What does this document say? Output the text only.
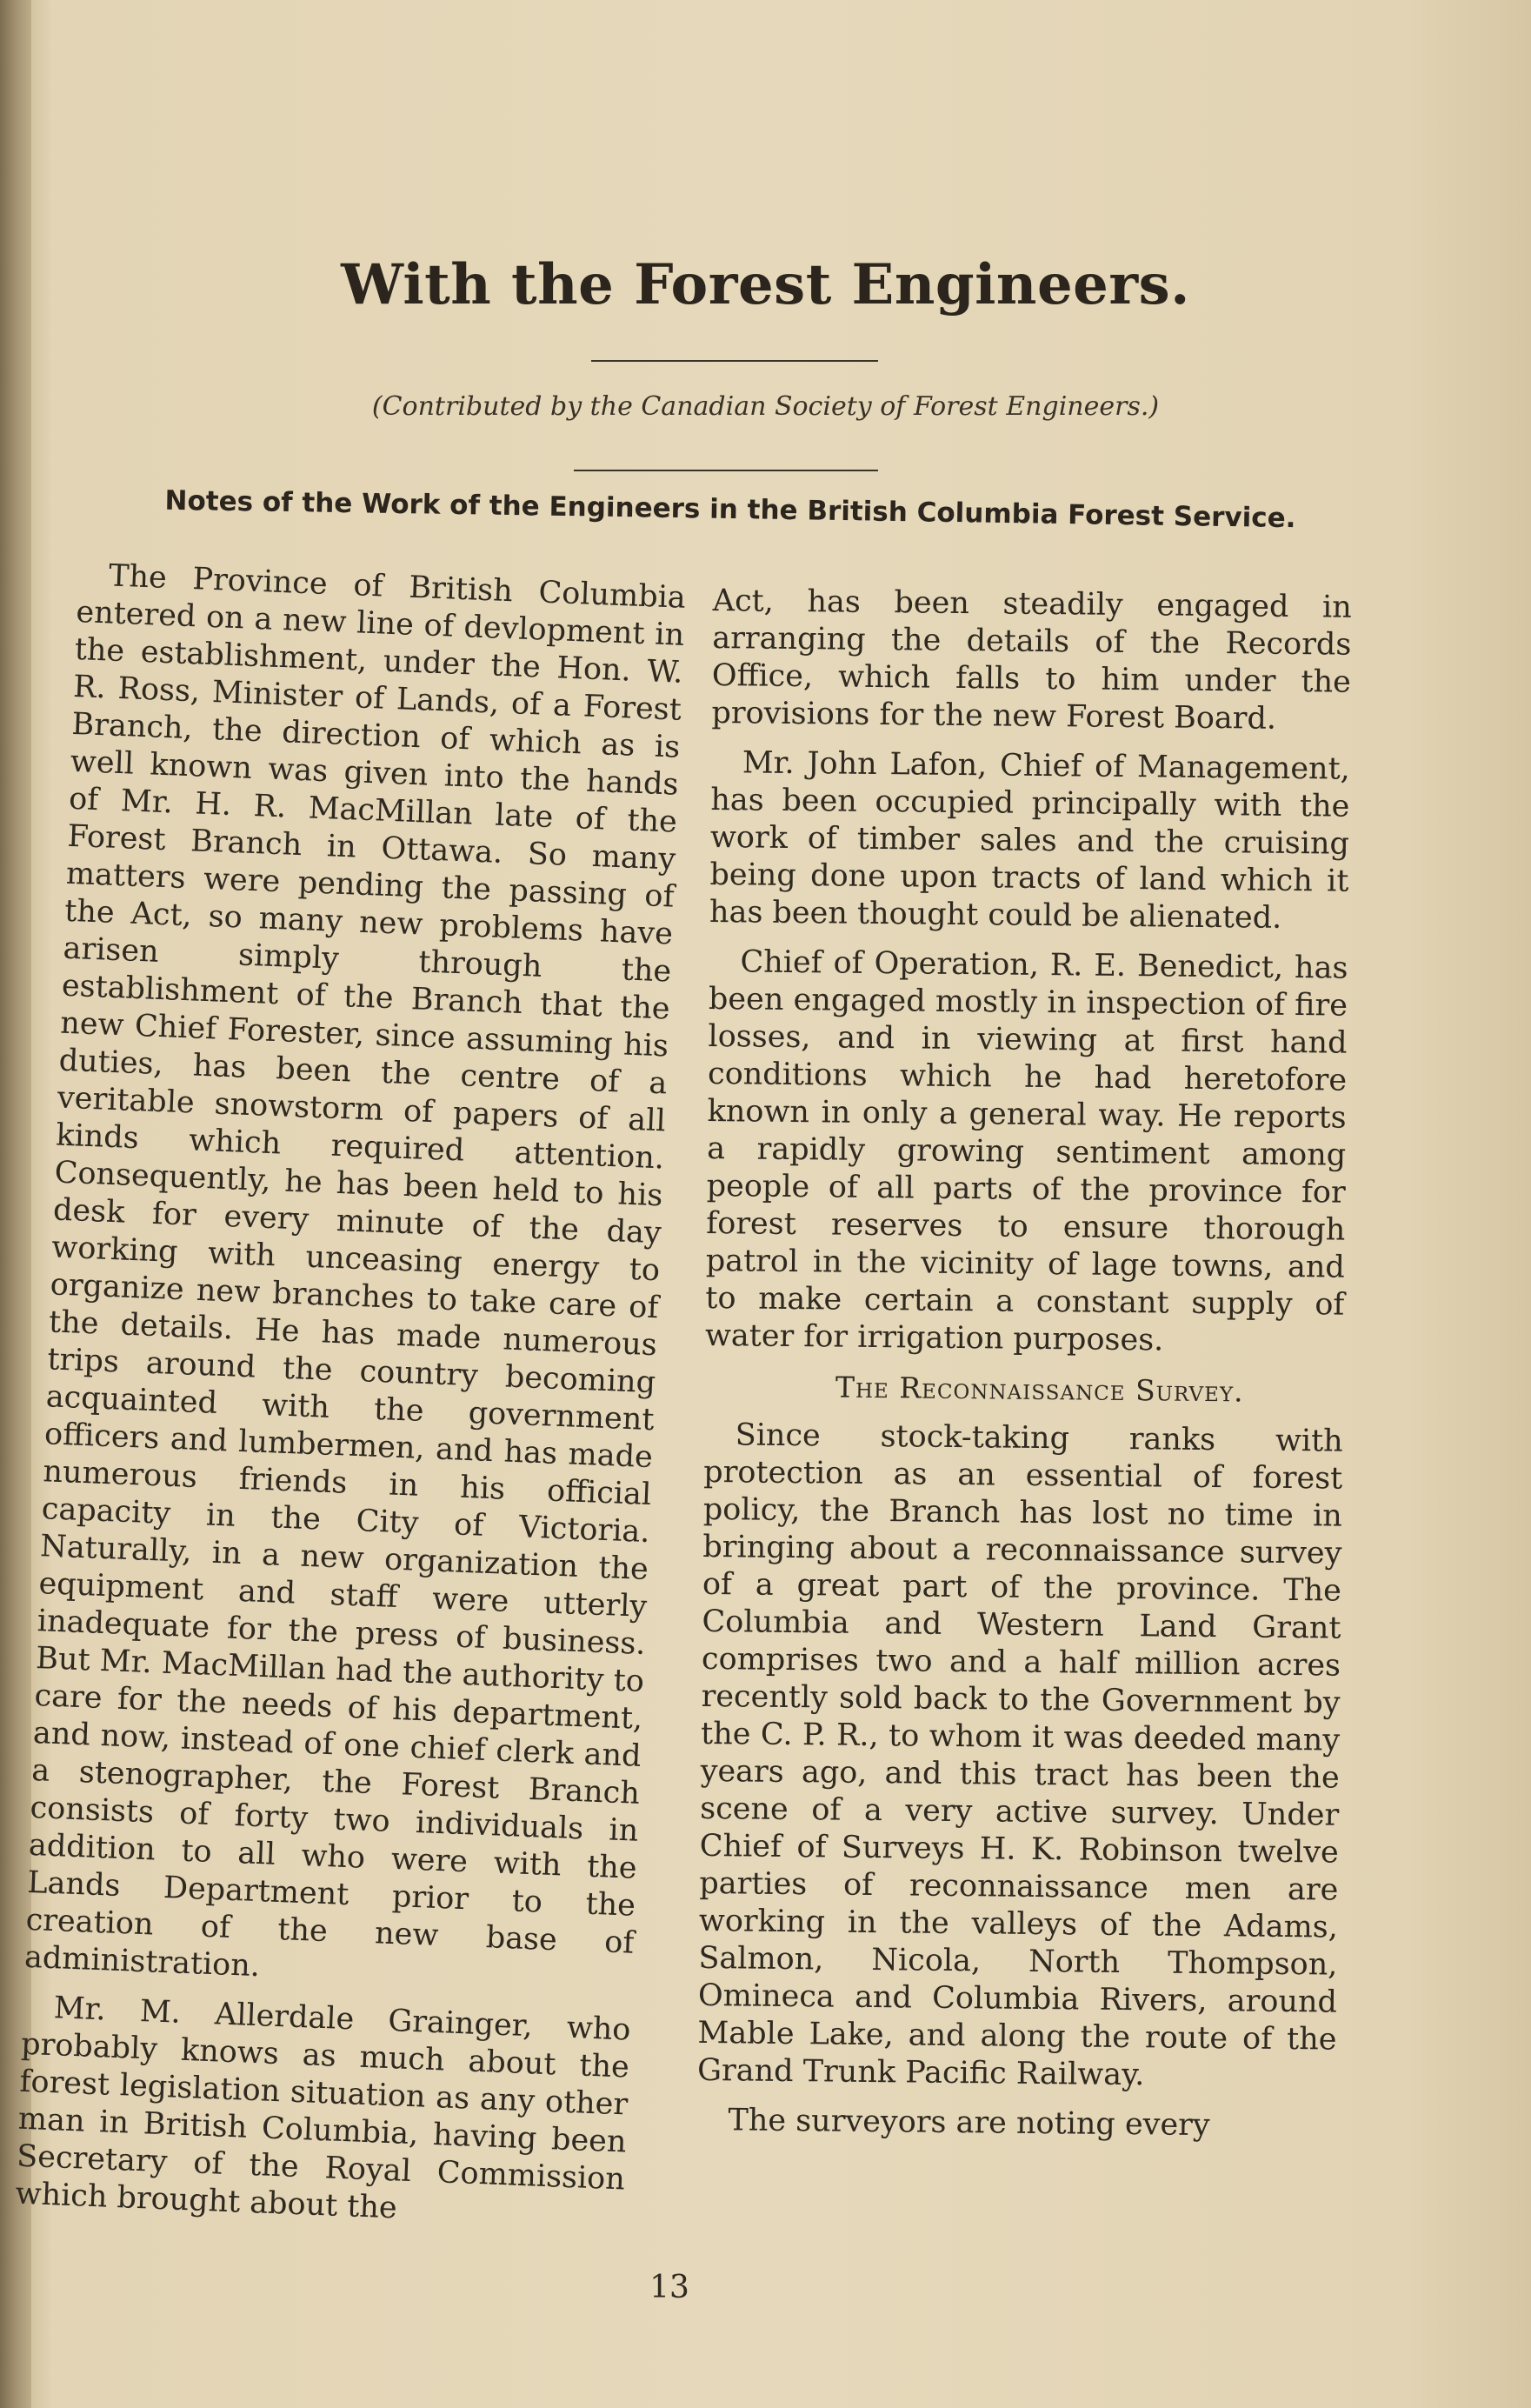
With the Forest Engineers.
(Contributed by the Canadian Society of Forest Engineers.)
Notes of the Work of the Engineers in the British Columbia Forest Service.

The Province of British Columbia entered on a new line of devlopment in the establishment, under the Hon. W. R. Ross, Minister of Lands, of a Forest Branch, the direction of which as is well known was given into the hands of Mr. H. R. MacMillan late of the Forest Branch in Ottawa. So many matters were pending the passing of the Act, so many new problems have arisen simply through the establishment of the Branch that the new Chief Forester, since assuming his duties, has been the centre of a veritable snowstorm of papers of all kinds which required attention. Consequently, he has been held to his desk for every minute of the day working with unceasing energy to organize new branches to take care of the details. He has made numerous trips around the country becoming acquainted with the government officers and lumbermen, and has made numerous friends in his official capacity in the City of Victoria. Naturally, in a new organization the equipment and staff were utterly inadequate for the press of business. But Mr. MacMillan had the authority to care for the needs of his department, and now, instead of one chief clerk and a stenographer, the Forest Branch consists of forty two individuals in addition to all who were with the Lands Department prior to the creation of the new base of administration.

Mr. M. Allerdale Grainger, who probably knows as much about the forest legislation situation as any other man in British Columbia, having been Secretary of the Royal Commission which brought about the

Act, has been steadily engaged in arranging the details of the Records Office, which falls to him under the provisions for the new Forest Board.

Mr. John Lafon, Chief of Management, has been occupied principally with the work of timber sales and the cruising being done upon tracts of land which it has been thought could be alienated.

Chief of Operation, R. E. Benedict, has been engaged mostly in inspection of fire losses, and in viewing at first hand conditions which he had heretofore known in only a general way. He reports a rapidly growing sentiment among people of all parts of the province for forest reserves to ensure thorough patrol in the vicinity of lage towns, and to make certain a constant supply of water for irrigation purposes.

The Reconnaissance Survey.

Since stock-taking ranks with protection as an essential of forest policy, the Branch has lost no time in bringing about a reconnaissance survey of a great part of the province. The Columbia and Western Land Grant comprises two and a half million acres recently sold back to the Government by the C. P. R., to whom it was deeded many years ago, and this tract has been the scene of a very active survey. Under Chief of Surveys H. K. Robinson twelve parties of reconnaissance men are working in the valleys of the Adams, Salmon, Nicola, North Thompson, Omineca and Columbia Rivers, around Mable Lake, and along the route of the Grand Trunk Pacific Railway.

The surveyors are noting every

13
